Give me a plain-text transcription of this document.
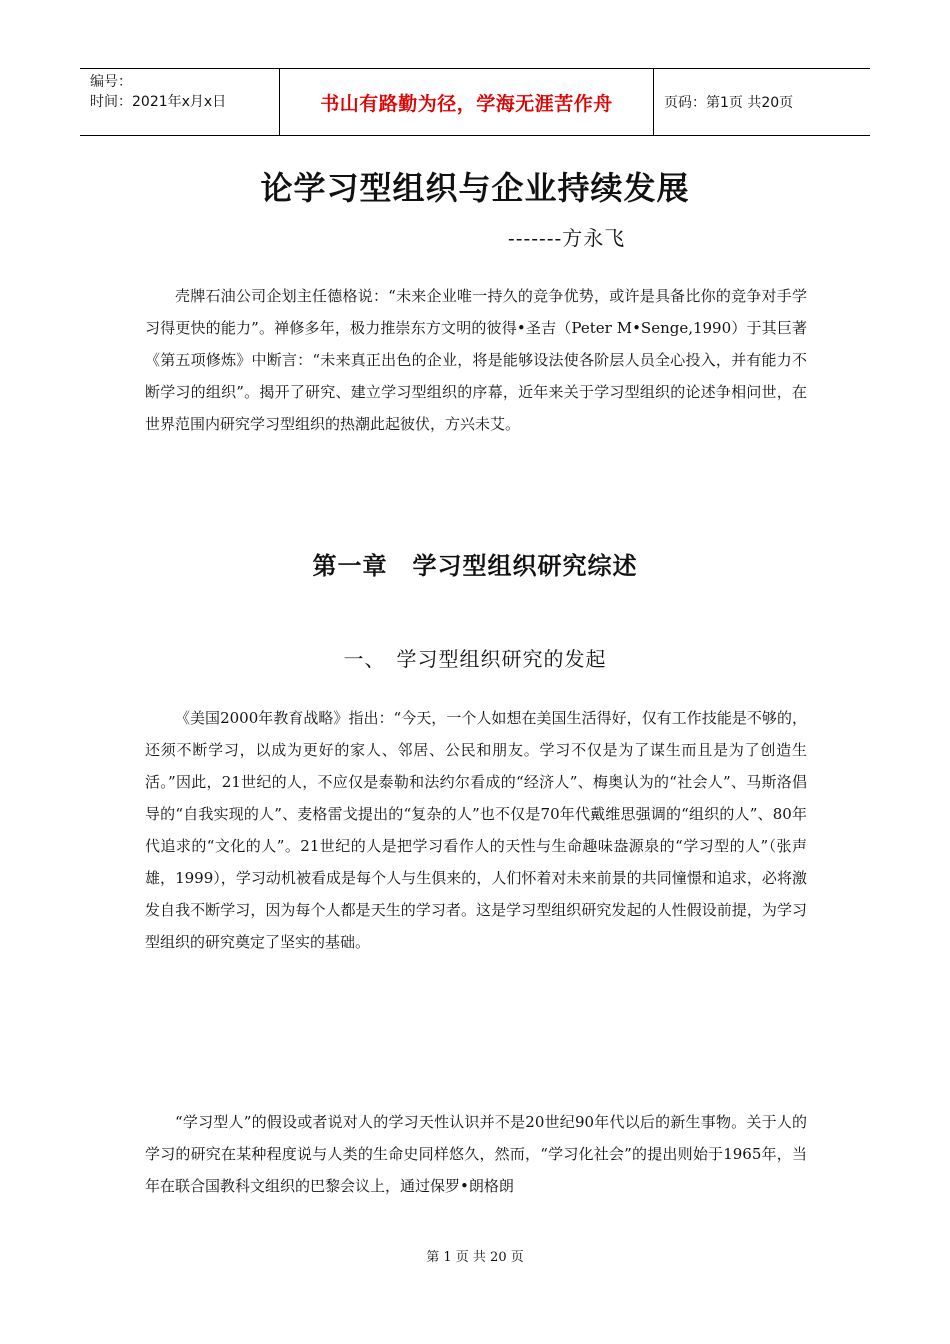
编号：
时间：2021年x月x日	书山有路勤为径，学海无涯苦作舟	页码：第1页 共20页
论学习型组织与企业持续发展
-------方永飞

壳牌石油公司企划主任德格说：“未来企业唯一持久的竞争优势，或许是具备比你的竞争对手学习得更快的能力”。禅修多年，极力推崇东方文明的彼得•圣吉（Peter M•Senge,1990）于其巨著《第五项修炼》中断言：“未来真正出色的企业，将是能够设法使各阶层人员全心投入，并有能力不断学习的组织”。揭开了研究、建立学习型组织的序幕，近年来关于学习型组织的论述争相问世，在世界范围内研究学习型组织的热潮此起彼伏，方兴未艾。

第一章　学习型组织研究综述
一、　学习型组织研究的发起

《美国2000年教育战略》指出：“今天，一个人如想在美国生活得好，仅有工作技能是不够的，还须不断学习，以成为更好的家人、邻居、公民和朋友。学习不仅是为了谋生而且是为了创造生活。”因此，21世纪的人，不应仅是泰勒和法约尔看成的“经济人”、梅奥认为的“社会人”、马斯洛倡导的“自我实现的人”、麦格雷戈提出的“复杂的人”也不仅是70年代戴维思强调的“组织的人”、80年代追求的“文化的人”。21世纪的人是把学习看作人的天性与生命趣味盎源泉的“学习型的人”（张声雄，1999），学习动机被看成是每个人与生俱来的，人们怀着对未来前景的共同憧憬和追求，必将激发自我不断学习，因为每个人都是天生的学习者。这是学习型组织研究发起的人性假设前提，为学习型组织的研究奠定了坚实的基础。

“学习型人”的假设或者说对人的学习天性认识并不是20世纪90年代以后的新生事物。关于人的学习的研究在某种程度说与人类的生命史同样悠久，然而，“学习化社会”的提出则始于1965年，当年在联合国教科文组织的巴黎会议上，通过保罗•朗格朗

第 1 页 共 20 页
